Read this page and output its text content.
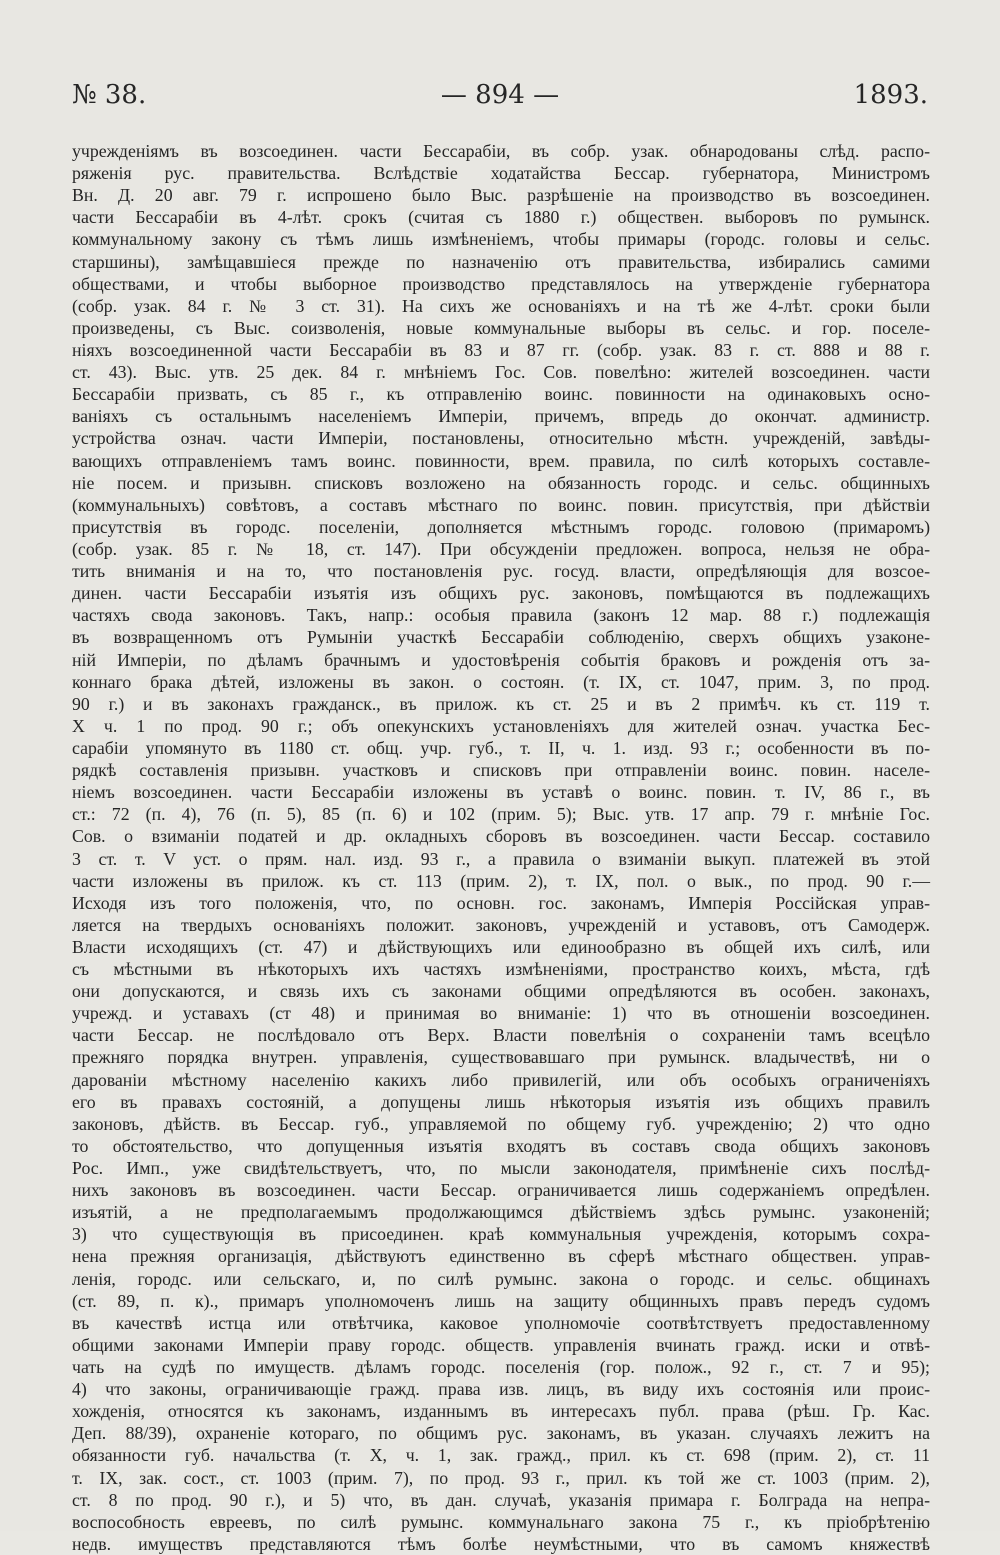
№ 38.	— 894 —	1893.
учрежденіямъ въ возсоединен. части Бессарабіи, въ собр. узак. обнародованы слѣд. распо-
ряженія рус. правительства. Вслѣдствіе ходатайства Бессар. губернатора, Министромъ
Вн. Д. 20 авг. 79 г. испрошено было Выс. разрѣшеніе на производство въ возсоединен.
части Бессарабіи въ 4-лѣт. срокъ (считая съ 1880 г.) обществен. выборовъ по румынск.
коммунальному закону съ тѣмъ лишь измѣненіемъ, чтобы примары (городс. головы и сельс.
старшины), замѣщавшіеся прежде по назначенію отъ правительства, избирались самими
обществами, и чтобы выборное производство представлялось на утвержденіе губернатора
(собр. узак. 84 г. № 3 ст. 31). На сихъ же основаніяхъ и на тѣ же 4-лѣт. сроки были
произведены, съ Выс. соизволенія, новые коммунальные выборы въ сельс. и гор. поселе-
ніяхъ возсоединенной части Бессарабіи въ 83 и 87 гг. (собр. узак. 83 г. ст. 888 и 88 г.
ст. 43). Выс. утв. 25 дек. 84 г. мнѣніемъ Гос. Сов. повелѣно: жителей возсоединен. части
Бессарабіи призвать, съ 85 г., къ отправленію воинс. повинности на одинаковыхъ осно-
ваніяхъ съ остальнымъ населеніемъ Имперіи, причемъ, впредь до окончат. администр.
устройства означ. части Имперіи, постановлены, относительно мѣстн. учрежденій, завѣды-
вающихъ отправленіемъ тамъ воинс. повинности, врем. правила, по силѣ которыхъ составле-
ніе посем. и призывн. списковъ возложено на обязанность городс. и сельс. общинныхъ
(коммунальныхъ) совѣтовъ, а составъ мѣстнаго по воинс. повин. присутствія, при дѣйствіи
присутствія въ городс. поселеніи, дополняется мѣстнымъ городс. головою (примаромъ)
(собр. узак. 85 г. № 18, ст. 147). При обсужденіи предложен. вопроса, нельзя не обра-
тить вниманія и на то, что постановленія рус. госуд. власти, опредѣляющія для возсое-
динен. части Бессарабіи изъятія изъ общихъ рус. законовъ, помѣщаются въ подлежащихъ
частяхъ свода законовъ. Такъ, напр.: особыя правила (законъ 12 мар. 88 г.) подлежащія
въ возвращенномъ отъ Румыніи участкѣ Бессарабіи соблюденію, сверхъ общихъ узаконе-
ній Имперіи, по дѣламъ брачнымъ и удостовѣренія событія браковъ и рожденія отъ за-
коннаго брака дѣтей, изложены въ закон. о состоян. (т. IX, ст. 1047, прим. 3, по прод.
90 г.) и въ законахъ гражданск., въ прилож. къ ст. 25 и въ 2 примѣч. къ ст. 119 т.
X ч. 1 по прод. 90 г.; объ опекунскихъ установленіяхъ для жителей означ. участка Бес-
сарабіи упомянуто въ 1180 ст. общ. учр. губ., т. II, ч. 1. изд. 93 г.; особенности въ по-
рядкѣ составленія призывн. участковъ и списковъ при отправленіи воинс. повин. населе-
ніемъ возсоединен. части Бессарабіи изложены въ уставѣ о воинс. повин. т. IV, 86 г., въ
ст.: 72 (п. 4), 76 (п. 5), 85 (п. 6) и 102 (прим. 5); Выс. утв. 17 апр. 79 г. мнѣніе Гос.
Сов. о взиманіи податей и др. окладныхъ сборовъ въ возсоединен. части Бессар. составило
3 ст. т. V уст. о прям. нал. изд. 93 г., а правила о взиманіи выкуп. платежей въ этой
части изложены въ прилож. къ ст. 113 (прим. 2), т. IX, пол. о вык., по прод. 90 г.—
Исходя изъ того положенія, что, по основн. гос. законамъ, Имперія Россійская управ-
ляется на твердыхъ основаніяхъ положит. законовъ, учрежденій и уставовъ, отъ Самодерж.
Власти исходящихъ (ст. 47) и дѣйствующихъ или единообразно въ общей ихъ силѣ, или
съ мѣстными въ нѣкоторыхъ ихъ частяхъ измѣненіями, пространство коихъ, мѣста, гдѣ
они допускаются, и связь ихъ съ законами общими опредѣляются въ особен. законахъ,
учрежд. и уставахъ (ст 48) и принимая во вниманіе: 1) что въ отношеніи возсоединен.
части Бессар. не послѣдовало отъ Верх. Власти повелѣнія о сохраненіи тамъ всецѣло
прежняго порядка внутрен. управленія, существовавшаго при румынск. владычествѣ, ни о
дарованіи мѣстному населенію какихъ либо привилегій, или объ особыхъ ограниченіяхъ
его въ правахъ состояній, а допущены лишь нѣкоторыя изъятія изъ общихъ правилъ
законовъ, дѣйств. въ Бессар. губ., управляемой по общему губ. учрежденію; 2) что одно
то обстоятельство, что допущенныя изъятія входятъ въ составъ свода общихъ законовъ
Рос. Имп., уже свидѣтельствуетъ, что, по мысли законодателя, примѣненіе сихъ послѣд-
нихъ законовъ въ возсоединен. части Бессар. ограничивается лишь содержаніемъ опредѣлен.
изъятій, а не предполагаемымъ продолжающимся дѣйствіемъ здѣсь румынс. узаконеній;
3) что существующія въ присоединен. краѣ коммунальныя учрежденія, которымъ сохра-
нена прежняя организація, дѣйствуютъ единственно въ сферѣ мѣстнаго обществен. управ-
ленія, городс. или сельскаго, и, по силѣ румынс. закона о городс. и сельс. общинахъ
(ст. 89, п. к)., примаръ уполномоченъ лишь на защиту общинныхъ правъ передъ судомъ
въ качествѣ истца или отвѣтчика, каковое уполномочіе соотвѣтствуетъ предоставленному
общими законами Имперіи праву городс. обществ. управленія вчинать гражд. иски и отвѣ-
чать на судѣ по имуществ. дѣламъ городс. поселенія (гор. полож., 92 г., ст. 7 и 95);
4) что законы, ограничивающіе гражд. права изв. лицъ, въ виду ихъ состоянія или проис-
хожденія, относятся къ законамъ, изданнымъ въ интересахъ публ. права (рѣш. Гр. Кас.
Деп. 88/39), охраненіе котораго, по общимъ рус. законамъ, въ указан. случаяхъ лежитъ на
обязанности губ. начальства (т. X, ч. 1, зак. гражд., прил. къ ст. 698 (прим. 2), ст. 11
т. IX, зак. сост., ст. 1003 (прим. 7), по прод. 93 г., прил. къ той же ст. 1003 (прим. 2),
ст. 8 по прод. 90 г.), и 5) что, въ дан. случаѣ, указанія примара г. Болграда на непра-
воспособность евреевъ, по силѣ румынс. коммунальнаго закона 75 г., къ пріобрѣтенію
недв. имуществъ представляются тѣмъ болѣе неумѣстными, что въ самомъ княжествѣ
